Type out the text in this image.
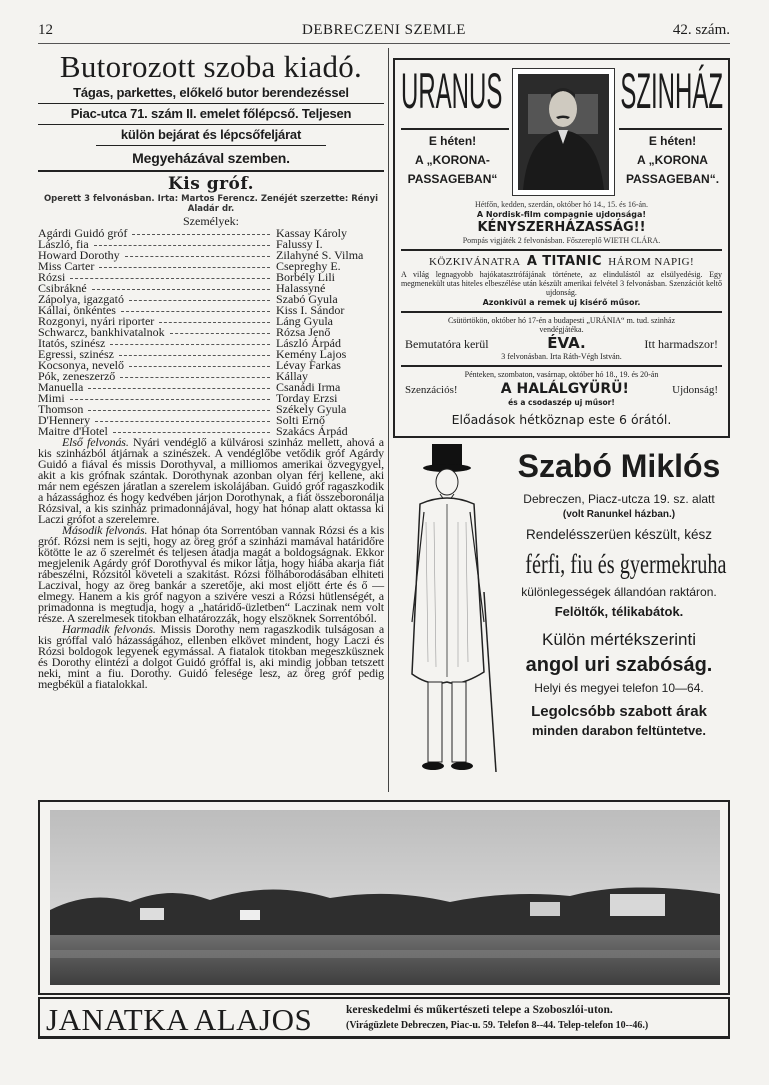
12	DEBRECZENI SZEMLE	42. szám.
Butorozott szoba kiadó.
Tágas, parkettes, előkelő butor berendezéssel
Piac-utca 71. szám II. emelet főlépcső. Teljesen
külön bejárat és lépcsőfeljárat
Megyeházával szemben.
Kis gróf.
Operett 3 felvonásban. Irta: Martos Ferencz. Zenéjét szerzette: Rényi Aladár dr.
Személyek:
Agárdi Guidó gróf	Kassay Károly
László, fia	Falussy I.
Howard Dorothy	Zilahyné S. Vilma
Miss Carter	Csepreghy E.
Rózsi	Borbély Lili
Csibrákné	Halassyné
Zápolya, igazgató	Szabó Gyula
Kállai, önkéntes	Kiss I. Sándor
Rozgonyi, nyári riporter	Láng Gyula
Schwarcz, bankhivatalnok	Rózsa Jenő
Itatós, szinész	László Árpád
Egressi, szinész	Kemény Lajos
Kocsonya, nevelő	Lévay Farkas
Pók, zeneszerző	Kállay
Manuella	Csanádi Irma
Mimi	Torday Erzsi
Thomson	Székely Gyula
D'Hennery	Solti Ernő
Maitre d'Hotel	Szakács Árpád

Első felvonás. Nyári vendéglő a külvárosi szinház mellett, ahová a kis szinházból átjárnak a szinészek. A vendéglőbe vetődik gróf Agárdy Guidó a fiával és missis Dorothyval, a milliomos amerikai özvegygyel, akit a kis grófnak szántak. Dorothynak azonban olyan férj kellene, aki már nem egészen járatlan a szerelem iskolájában. Guidó gróf ragaszkodik a házassághoz és hogy kedvében járjon Dorothynak, a fiát összeboronálja Rózsival, a kis szinház primadonnájával, hogy hat hónap alatt oktassa ki Laczi grófot a szerelemre.

Második felvonás. Hat hónap óta Sorrentóban vannak Rózsi és a kis gróf. Rózsi nem is sejti, hogy az öreg gróf a szinházi mamával határidőre kötötte le az ő szerelmét és teljesen átadja magát a boldogságnak. Ekkor megjelenik Agárdy gróf Dorothyval és mikor látja, hogy hiába akarja fiát rábeszélni, Rózsitól követeli a szakitást. Rózsi fölháborodásában elhiteti Laczival, hogy az öreg bankár a szeretője, aki most eljött érte és ő — elmegy. Hanem a kis gróf nagyon a szivére veszi a Rózsi hütlenségét, a primadonna is megtudja, hogy a „határidő-üzletben“ Laczinak nem volt része. A szerelmesek titokban elhatározzák, hogy elszöknek Sorrentóból.

Harmadik felvonás. Missis Dorothy nem ragaszkodik tulságosan a kis gróffal való házasságához, ellenben elkövet mindent, hogy Laczi és Rózsi boldogok legyenek egymással. A fiatalok titokban megeszküsznek és Dorothy elintézi a dolgot Guidó gróffal is, aki mindig jobban tetszett neki, mint a fiu. Dorothy. Guidó felesége lesz, az öreg gróf pedig megbékül a fiatalokkal.

URANUS	SZINHÁZ
E héten!
A „KORONA-
PASSAGEBAN“
E héten!
A „KORONA
PASSAGEBAN“.
Hétfőn, kedden, szerdán, október hó 14., 15. és 16-án.
A Nordisk-film compagnie ujdonsága!
KÉNYSZERHÁZASSÁG!!
Pompás vigjáték 2 felvonásban. Főszereplő WIETH CLÁRA.
KÖZKIVÁNATRA A TITANIC HÁROM NAPIG!
A világ legnagyobb hajókatasztrófájának története, az elindulástól az elsülyedésig. Egy megmenekült utas hiteles elbeszélése után készült amerikai felvétel 3 felvonásban. Szenzációt keltő ujdonság.
Azonkivül a remek uj kisérő műsor.
Csütörtökön, október hó 17-én a budapesti „URÁNIA“ m. tud. szinház vendégjátéka.
Bemutatóra kerül	ÉVA.	Itt harmadszor!
3 felvonásban. Irta Ráth-Végh István.
Pénteken, szombaton, vasárnap, október hó 18., 19. és 20-án
Szenzációs!	A HALÁLGYÜRÜ!	Ujdonság!
és a csodaszép uj műsor!
Előadások hétköznap este 6 órától.
Szabó Miklós
Debreczen, Piacz-utcza 19. sz. alatt
(volt Ranunkel házban.)
Rendelésszerüen készült, kész
férfi, fiu és gyermekruha
különlegességek állandóan raktáron.
Felöltők, télikabátok.
Külön mértékszerinti
angol uri szabóság.
Helyi és megyei telefon 10—64.
Legolcsóbb szabott árak
minden darabon feltüntetve.
JANATKA ALAJOS	kereskedelmi és műkertészeti telepe a Szoboszlói-uton.
(Virágüzlete Debreczen, Piac-u. 59. Telefon 8--44. Telep-telefon 10--46.)
